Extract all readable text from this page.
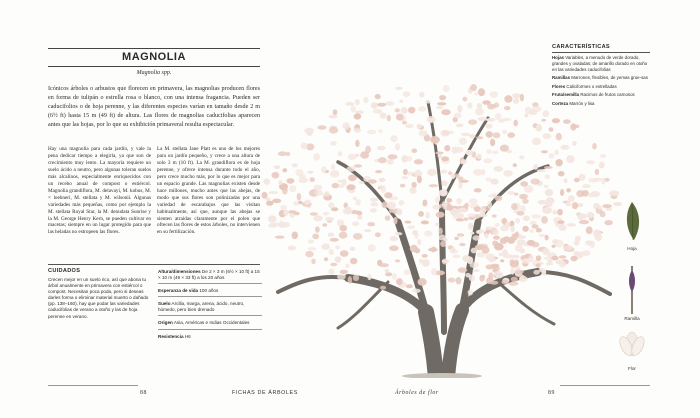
MAGNOLIA
Magnolia spp.

Icónicos árboles o arbustos que florecen en primavera, las magnolias producen flores en forma de tulipán o estrella rosa o blanco, con una intensa fragancia. Pueden ser caducifolios o de hoja perenne, y las diferentes especies varían en tamaño desde 2 m (6½ ft) hasta 15 m (49 ft) de altura. Las flores de magnolias caducifolias aparecen antes que las hojas, por lo que su exhibición primaveral resulta espectacular.

Hay una magnolia para cada jardín, y vale la pena dedicar tiempo a elegirla, ya que son de crecimiento muy lento. La mayoría requiere un suelo ácido a neutro, pero algunas toleran suelos más alcalinos, especialmente enriquecidos con un recebo anual de compost o estiércol. Magnolia grandiflora, M. delavayi, M. kobus, M. × loebneri, M. stellata y M. wilsonii. Algunas variedades más pequeñas, como por ejemplo la M. stellata Royal Star, la M. denudata Sunrise y la M. George Henry Kern, se pueden cultivar en macetas; siempre en un lugar protegido para que las heladas no estropeen las flores.

La M. stellata Jane Platt es uno de los mejores para un jardín pequeño, y crece a una altura de solo 3 m (10 ft). La M. grandiflora es de hoja perenne, y ofrece intensa durante todo el año, pero crece mucho más, por lo que es mejor para un espacio grande. Las magnolias existen desde hace millones, mucho antes que las abejas, de modo que sus flores son polinizadas por una variedad de escarabajos que las visitan habitualmente, así que, aunque las abejas se sienten atraídas claramente por el polen que ofrecen las flores de estos árboles, no intervienen en su fertilización.

CUIDADOS

Crecen mejor en un suelo rico, así que abona tu árbol anualmente en primavera con estiércol o compost. Necesitan poca poda, pero si deseas darles forma o eliminar material muerto o dañado (pp. 138–160), hay que podar las variedades caducifolias de verano a otoño y las de hoja perenne en verano.

Altura/dimensiones De 2 × 3 m (6½ × 10 ft) a 15 × 10 m (49 × 33 ft) a los 20 años
Esperanza de vida 100 años
Suelo Arcilla, marga, arena, ácido, neutro, húmedo, pero bien drenado
Origen Asia, Américas e Indias Occidentales
Resistencia H6
88	FICHAS DE ÁRBOLES	Árboles de flor	89
CARACTERÍSTICAS
Hojas Variables, a menudo de verde dorado, grandes y ovaladas; de amarillo dorado en otoño en las variedades caducifolias
Ramillas Marrones, flexibles, de yemas grue-sas
Flores Caliciformes o estrelladas
Fruta/semilla Racimos de frutos carnosos
Corteza Marrón y lisa
Hoja
Ramilla
Flor
